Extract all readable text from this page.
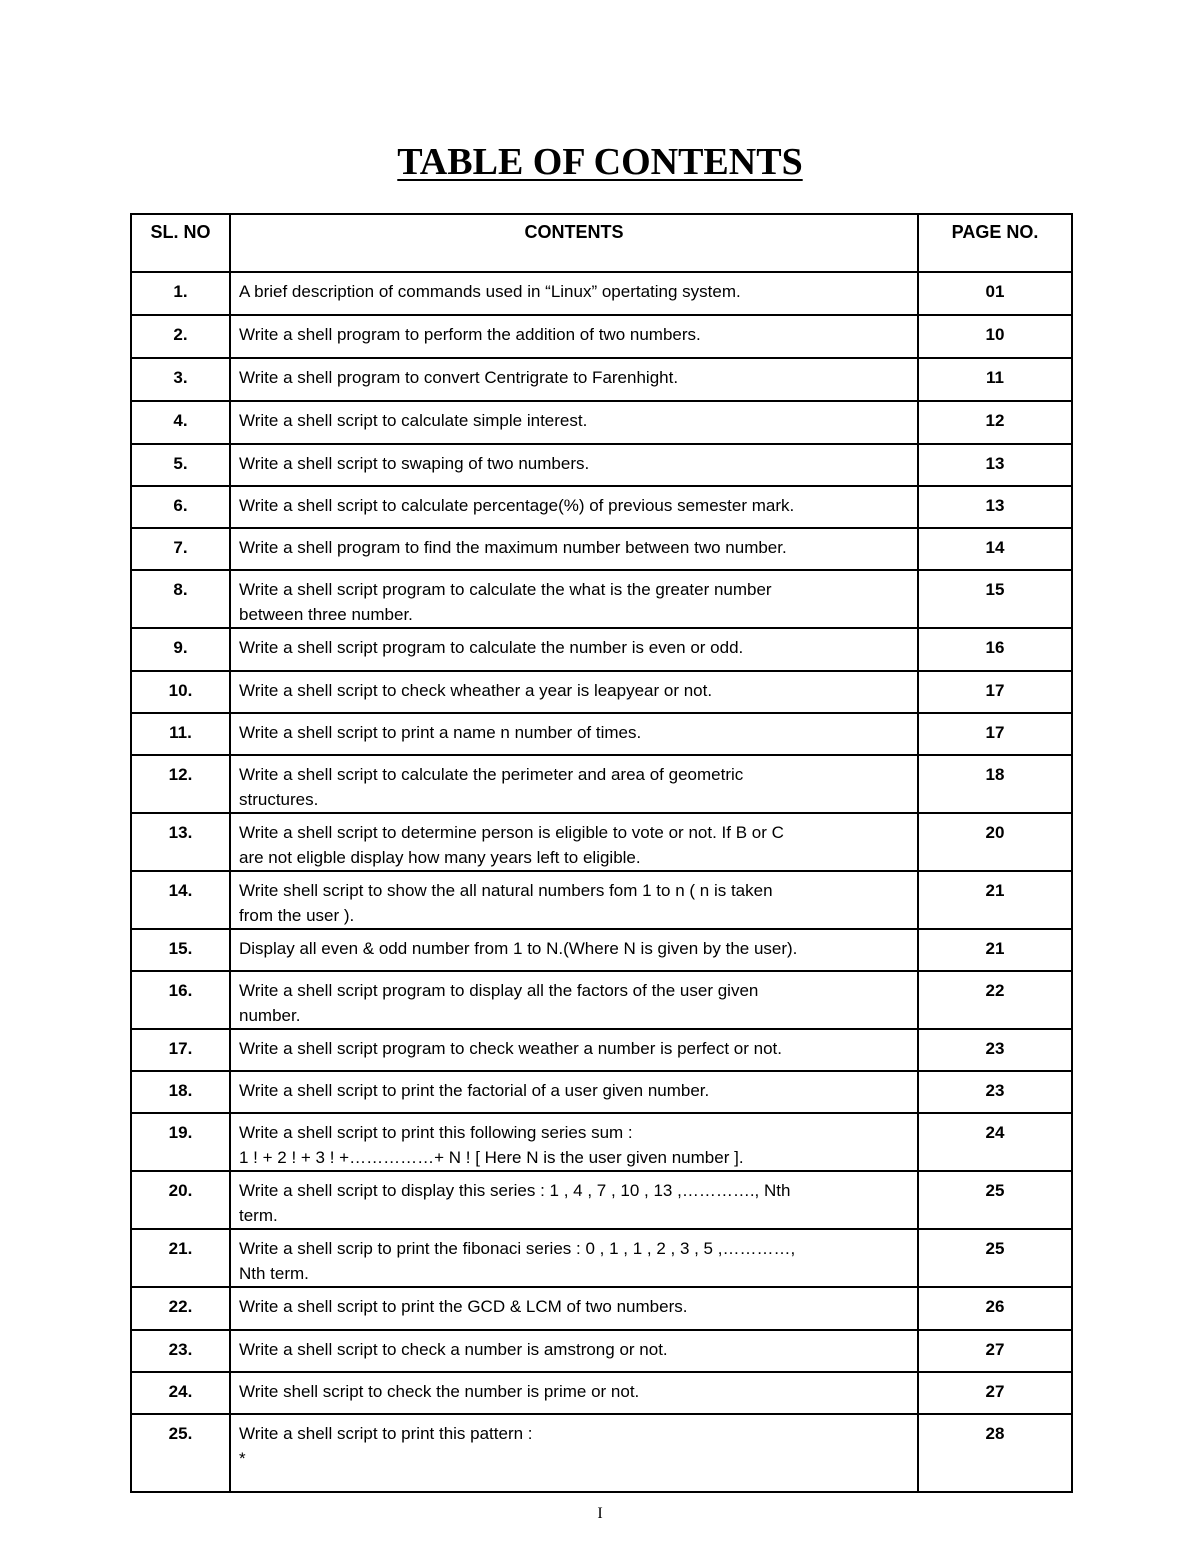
TABLE OF CONTENTS
SL. NO	CONTENTS	PAGE NO.
1.	A brief description of commands used in “Linux” opertating system.	01
2.	Write a shell program to perform the addition of two numbers.	10
3.	Write a shell program to convert Centrigrate to Farenhight.	11
4.	Write a shell script to calculate simple interest.	12
5.	Write a shell script to swaping of two numbers.	13
6.	Write a shell script to calculate percentage(%) of previous semester mark.	13
7.	Write a shell program to find the maximum number between two number.	14
8.	Write a shell script program to calculate the what is the greater number
between three number.	15
9.	Write a shell script program to calculate the number is even or odd.	16
10.	Write a shell script to check wheather a year is leapyear or not.	17
11.	Write a shell script to print a name n number of times.	17
12.	Write a shell script to calculate the perimeter and area of geometric
structures.	18
13.	Write a shell script to determine person is eligible to vote or not. If B or C
are not eligble display how many years left to eligible.	20
14.	Write shell script to show the all natural numbers fom 1 to n ( n is taken
from the user ).	21
15.	Display all even & odd number from 1 to N.(Where N is given by the user).	21
16.	Write a shell script program to display all the factors of the user given
number.	22
17.	Write a shell script program to check weather a number is perfect or not.	23
18.	Write a shell script to print the factorial of a user given number.	23
19.	Write a shell script to print this following series sum :
1 ! + 2 ! + 3 ! +……………+ N ! [ Here N is the user given number ].	24
20.	Write a shell script to display this series : 1 , 4 , 7 , 10 , 13 ,…………., Nth
term.	25
21.	Write a shell scrip to print the fibonaci series : 0 , 1 , 1 , 2 , 3 , 5 ,…………,
Nth term.	25
22.	Write a shell script to print the GCD & LCM of two numbers.	26
23.	Write a shell script to check a number is amstrong or not.	27
24.	Write shell script to check the number is prime or not.	27
25.	Write a shell script to print this pattern :
*	28
I
